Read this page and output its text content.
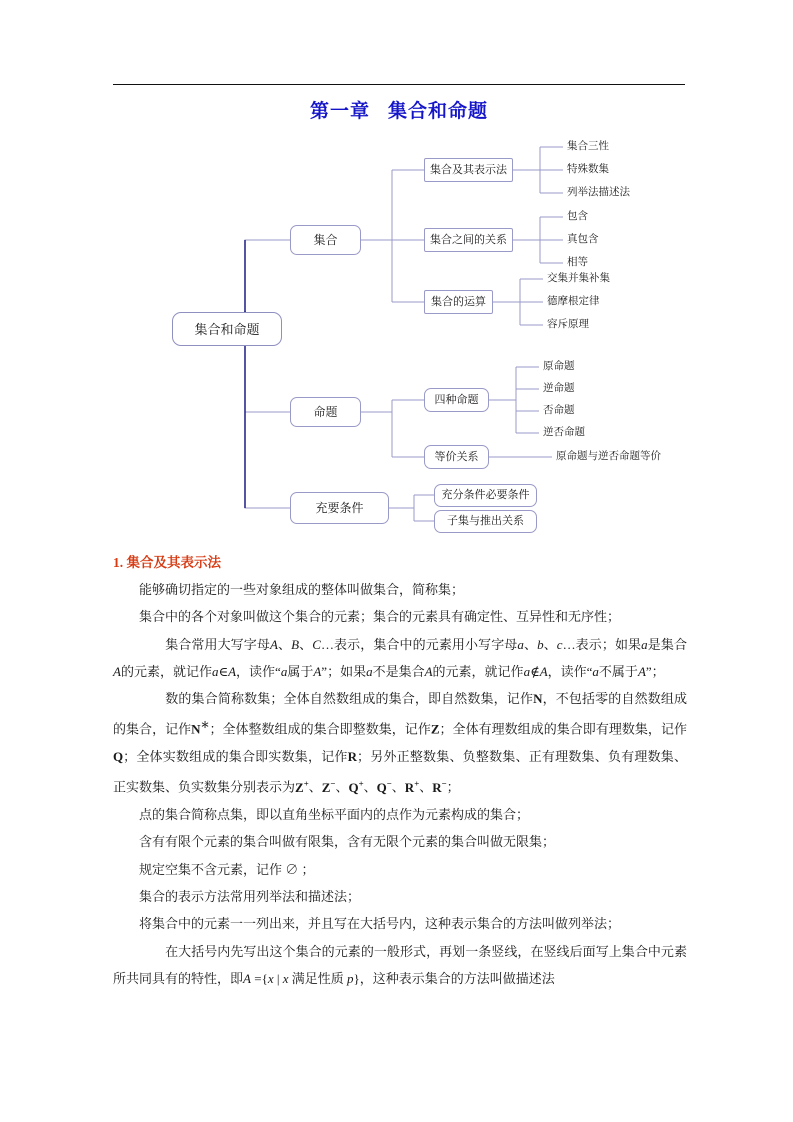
第一章 集合和命题
集合和命题
集合
命题
充要条件
集合及其表示法
集合之间的关系
集合的运算
集合三性
特殊数集
列举法描述法
包含
真包含
相等
交集并集补集
德摩根定律
容斥原理
四种命题
等价关系
原命题
逆命题
否命题
逆否命题
原命题与逆否命题等价
充分条件必要条件
子集与推出关系
1. 集合及其表示法

能够确切指定的一些对象组成的整体叫做集合，简称集；

集合中的各个对象叫做这个集合的元素；集合的元素具有确定性、互异性和无序性；

　　集合常用大写字母A、B、C…表示，集合中的元素用小写字母a、b、c…表示；如果a是集合A的元素，就记作a∈A，读作“a属于A”；如果a不是集合A的元素，就记作a∉A，读作“a不属于A”；

　　数的集合简称数集；全体自然数组成的集合，即自然数集，记作N，不包括零的自然数组成的集合，记作N＊；全体整数组成的集合即整数集，记作Z；全体有理数组成的集合即有理数集，记作Q；全体实数组成的集合即实数集，记作R；另外正整数集、负整数集、正有理数集、负有理数集、正实数集、负实数集分别表示为Z+、Z−、Q+、Q−、R+、R−；

点的集合简称点集，即以直角坐标平面内的点作为元素构成的集合；

含有有限个元素的集合叫做有限集，含有无限个元素的集合叫做无限集；

规定空集不含元素，记作 ∅ ；

集合的表示方法常用列举法和描述法；

将集合中的元素一一列出来，并且写在大括号内，这种表示集合的方法叫做列举法；

　　在大括号内先写出这个集合的元素的一般形式，再划一条竖线，在竖线后面写上集合中元素所共同具有的特性，即A ={x | x 满足性质 p}，这种表示集合的方法叫做描述法
